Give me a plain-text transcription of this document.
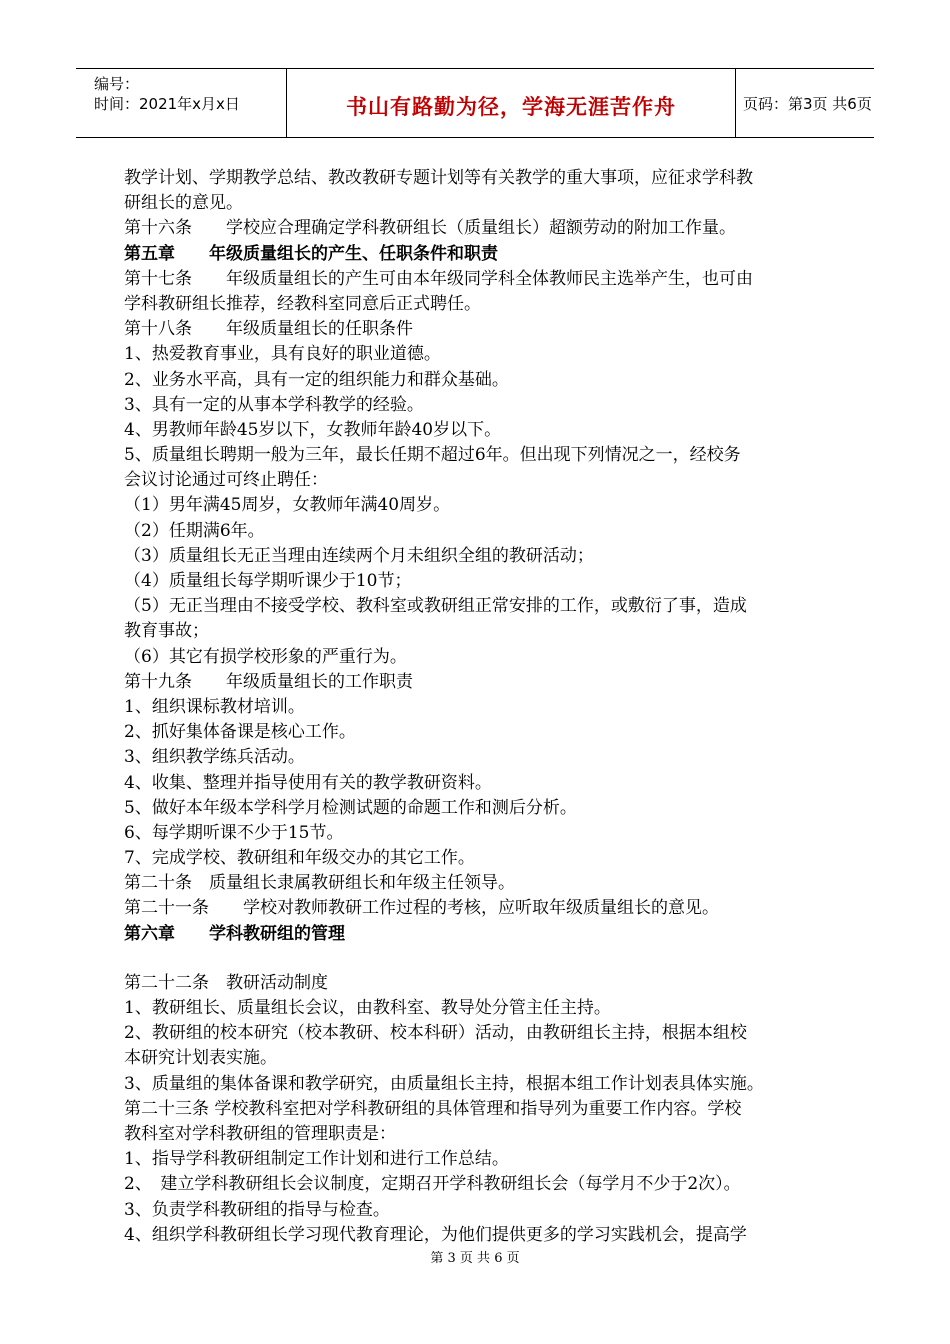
编号：
时间：2021年x月x日	书山有路勤为径，学海无涯苦作舟	页码：第3页 共6页
教学计划、学期教学总结、教改教研专题计划等有关教学的重大事项，应征求学科教
研组长的意见。
第十六条　　学校应合理确定学科教研组长（质量组长）超额劳动的附加工作量。
第五章　　年级质量组长的产生、任职条件和职责
第十七条　　年级质量组长的产生可由本年级同学科全体教师民主选举产生，也可由
学科教研组长推荐，经教科室同意后正式聘任。
第十八条　　年级质量组长的任职条件
1、热爱教育事业，具有良好的职业道德。
2、业务水平高，具有一定的组织能力和群众基础。
3、具有一定的从事本学科教学的经验。
4、男教师年龄45岁以下，女教师年龄40岁以下。
5、质量组长聘期一般为三年，最长任期不超过6年。但出现下列情况之一，经校务
会议讨论通过可终止聘任：
（1）男年满45周岁，女教师年满40周岁。
（2）任期满6年。
（3）质量组长无正当理由连续两个月未组织全组的教研活动；
（4）质量组长每学期听课少于10节；
（5）无正当理由不接受学校、教科室或教研组正常安排的工作，或敷衍了事，造成
教育事故；
（6）其它有损学校形象的严重行为。
第十九条　　年级质量组长的工作职责
1、组织课标教材培训。
2、抓好集体备课是核心工作。
3、组织教学练兵活动。
4、收集、整理并指导使用有关的教学教研资料。
5、做好本年级本学科学月检测试题的命题工作和测后分析。
6、每学期听课不少于15节。
7、完成学校、教研组和年级交办的其它工作。
第二十条　质量组长隶属教研组长和年级主任领导。
第二十一条　　学校对教师教研工作过程的考核，应听取年级质量组长的意见。
第六章　　学科教研组的管理
第二十二条　教研活动制度
1、教研组长、质量组长会议，由教科室、教导处分管主任主持。
2、教研组的校本研究（校本教研、校本科研）活动，由教研组长主持，根据本组校
本研究计划表实施。
3、质量组的集体备课和教学研究，由质量组长主持，根据本组工作计划表具体实施。
第二十三条 学校教科室把对学科教研组的具体管理和指导列为重要工作内容。学校
教科室对学科教研组的管理职责是：
1、指导学科教研组制定工作计划和进行工作总结。
2、　建立学科教研组长会议制度，定期召开学科教研组长会（每学月不少于2次）。
3、负责学科教研组的指导与检查。
4、组织学科教研组长学习现代教育理论，为他们提供更多的学习实践机会，提高学
第 3 页 共 6 页
